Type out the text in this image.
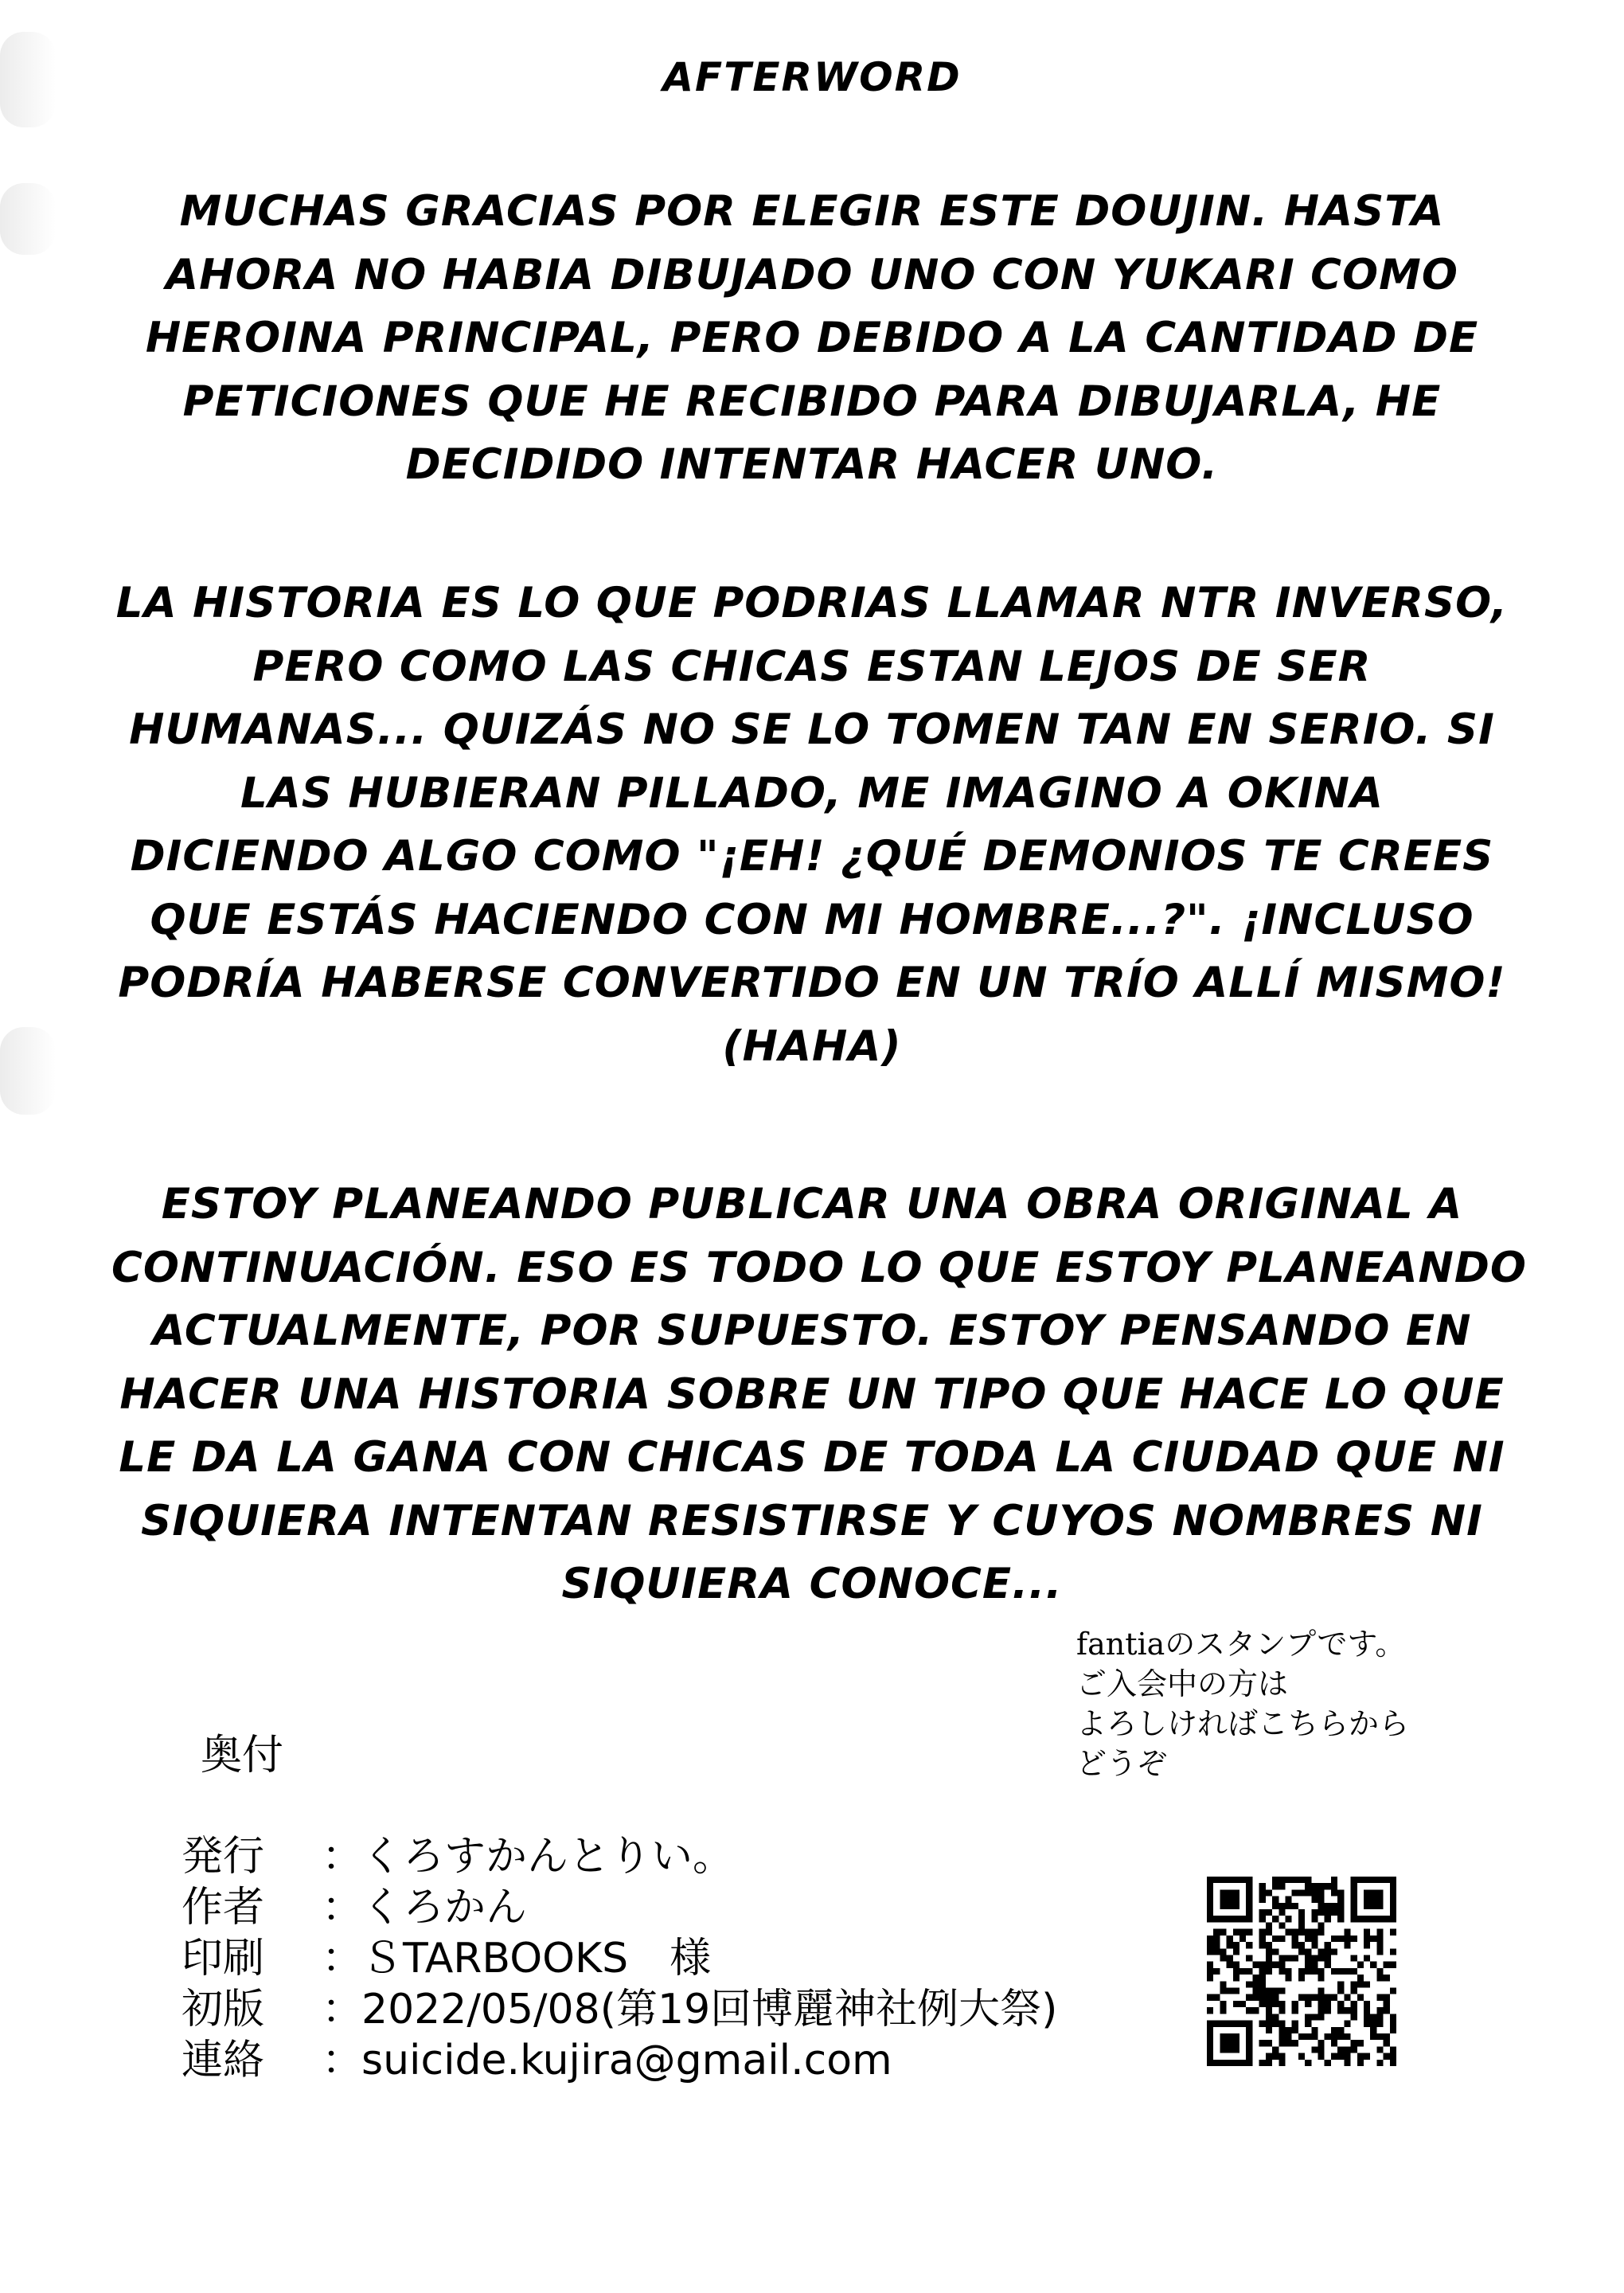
AFTERWORD

MUCHAS GRACIAS POR ELEGIR ESTE DOUJIN. HASTA
AHORA NO HABIA DIBUJADO UNO CON YUKARI COMO
HEROINA PRINCIPAL, PERO DEBIDO A LA CANTIDAD DE
PETICIONES QUE HE RECIBIDO PARA DIBUJARLA, HE
DECIDIDO INTENTAR HACER UNO.

LA HISTORIA ES LO QUE PODRIAS LLAMAR NTR INVERSO,
PERO COMO LAS CHICAS ESTAN LEJOS DE SER
HUMANAS... QUIZÁS NO SE LO TOMEN TAN EN SERIO. SI
LAS HUBIERAN PILLADO, ME IMAGINO A OKINA
DICIENDO ALGO COMO "¡EH! ¿QUÉ DEMONIOS TE CREES
QUE ESTÁS HACIENDO CON MI HOMBRE...?". ¡INCLUSO
PODRÍA HABERSE CONVERTIDO EN UN TRÍO ALLÍ MISMO!
(HAHA)

ESTOY PLANEANDO PUBLICAR UNA OBRA ORIGINAL A
CONTINUACIÓN. ESO ES TODO LO QUE ESTOY PLANEANDO
ACTUALMENTE, POR SUPUESTO. ESTOY PENSANDO EN
HACER UNA HISTORIA SOBRE UN TIPO QUE HACE LO QUE
LE DA LA GANA CON CHICAS DE TODA LA CIUDAD QUE NI
SIQUIERA INTENTAN RESISTIRSE Y CUYOS NOMBRES NI
SIQUIERA CONOCE...

fantiaのスタンプです。
ご入会中の方は
よろしければこちらから
どうぞ
奥付
発行 ：くろすかんとりい。
作者 ：くろかん
印刷 ：ＳTARBOOKS　様
初版 ：2022/05/08(第19回博麗神社例大祭)
連絡 ：suicide.kujira@gmail.com
